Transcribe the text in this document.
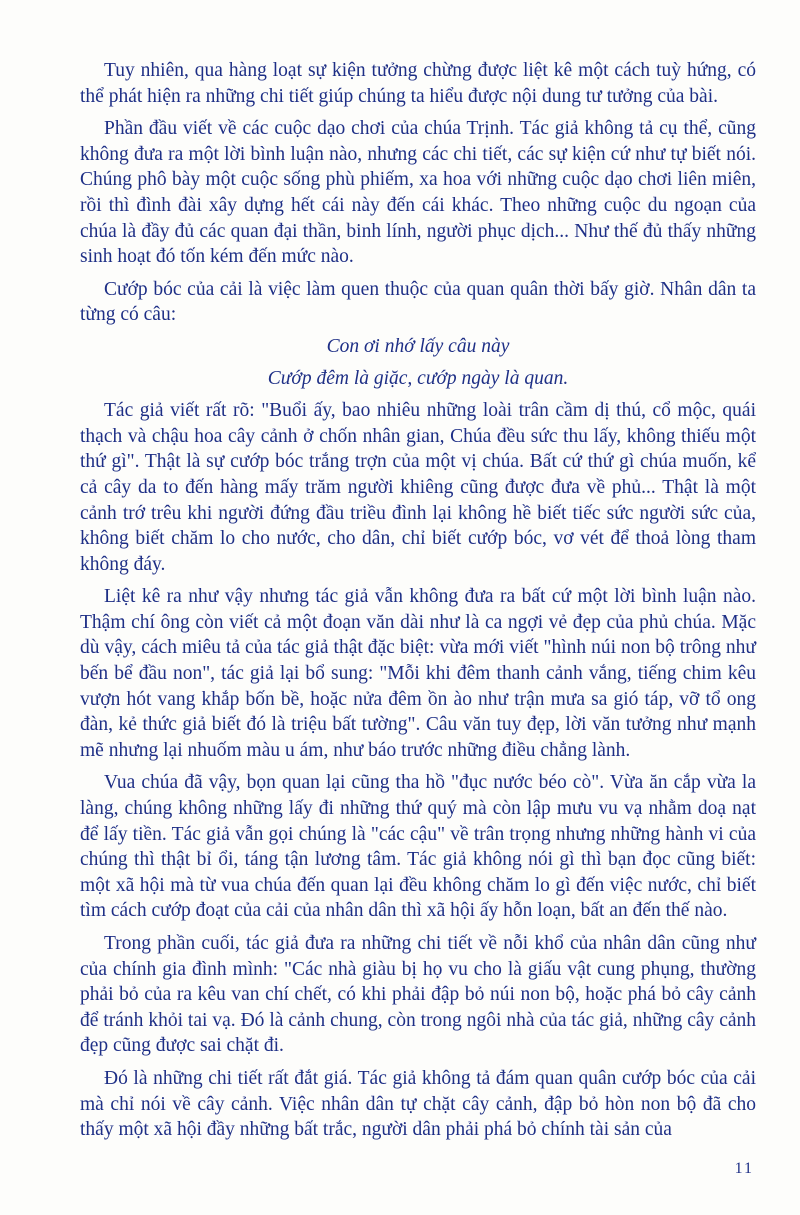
Tuy nhiên, qua hàng loạt sự kiện tưởng chừng được liệt kê một cách tuỳ hứng, có thể phát hiện ra những chi tiết giúp chúng ta hiểu được nội dung tư tưởng của bài.

Phần đầu viết về các cuộc dạo chơi của chúa Trịnh. Tác giả không tả cụ thể, cũng không đưa ra một lời bình luận nào, nhưng các chi tiết, các sự kiện cứ như tự biết nói. Chúng phô bày một cuộc sống phù phiếm, xa hoa với những cuộc dạo chơi liên miên, rồi thì đình đài xây dựng hết cái này đến cái khác. Theo những cuộc du ngoạn của chúa là đầy đủ các quan đại thần, binh lính, người phục dịch... Như thế đủ thấy những sinh hoạt đó tốn kém đến mức nào.

Cướp bóc của cải là việc làm quen thuộc của quan quân thời bấy giờ. Nhân dân ta từng có câu:

Con ơi nhớ lấy câu này

Cướp đêm là giặc, cướp ngày là quan.

Tác giả viết rất rõ: "Buổi ấy, bao nhiêu những loài trân cầm dị thú, cổ mộc, quái thạch và chậu hoa cây cảnh ở chốn nhân gian, Chúa đều sức thu lấy, không thiếu một thứ gì". Thật là sự cướp bóc trắng trợn của một vị chúa. Bất cứ thứ gì chúa muốn, kể cả cây da to đến hàng mấy trăm người khiêng cũng được đưa về phủ... Thật là một cảnh trớ trêu khi người đứng đầu triều đình lại không hề biết tiếc sức người sức của, không biết chăm lo cho nước, cho dân, chỉ biết cướp bóc, vơ vét để thoả lòng tham không đáy.

Liệt kê ra như vậy nhưng tác giả vẫn không đưa ra bất cứ một lời bình luận nào. Thậm chí ông còn viết cả một đoạn văn dài như là ca ngợi vẻ đẹp của phủ chúa. Mặc dù vậy, cách miêu tả của tác giả thật đặc biệt: vừa mới viết "hình núi non bộ trông như bến bể đầu non", tác giả lại bổ sung: "Mỗi khi đêm thanh cảnh vắng, tiếng chim kêu vượn hót vang khắp bốn bề, hoặc nửa đêm ồn ào như trận mưa sa gió táp, vỡ tổ ong đàn, kẻ thức giả biết đó là triệu bất tường". Câu văn tuy đẹp, lời văn tưởng như mạnh mẽ nhưng lại nhuốm màu u ám, như báo trước những điều chẳng lành.

Vua chúa đã vậy, bọn quan lại cũng tha hồ "đục nước béo cò". Vừa ăn cắp vừa la làng, chúng không những lấy đi những thứ quý mà còn lập mưu vu vạ nhằm doạ nạt để lấy tiền. Tác giả vẫn gọi chúng là "các cậu" về trân trọng nhưng những hành vi của chúng thì thật bỉ ổi, táng tận lương tâm. Tác giả không nói gì thì bạn đọc cũng biết: một xã hội mà từ vua chúa đến quan lại đều không chăm lo gì đến việc nước, chỉ biết tìm cách cướp đoạt của cải của nhân dân thì xã hội ấy hỗn loạn, bất an đến thế nào.

Trong phần cuối, tác giả đưa ra những chi tiết về nỗi khổ của nhân dân cũng như của chính gia đình mình: "Các nhà giàu bị họ vu cho là giấu vật cung phụng, thường phải bỏ của ra kêu van chí chết, có khi phải đập bỏ núi non bộ, hoặc phá bỏ cây cảnh để tránh khỏi tai vạ. Đó là cảnh chung, còn trong ngôi nhà của tác giả, những cây cảnh đẹp cũng được sai chặt đi.

Đó là những chi tiết rất đắt giá. Tác giả không tả đám quan quân cướp bóc của cải mà chỉ nói về cây cảnh. Việc nhân dân tự chặt cây cảnh, đập bỏ hòn non bộ đã cho thấy một xã hội đầy những bất trắc, người dân phải phá bỏ chính tài sản của

11
